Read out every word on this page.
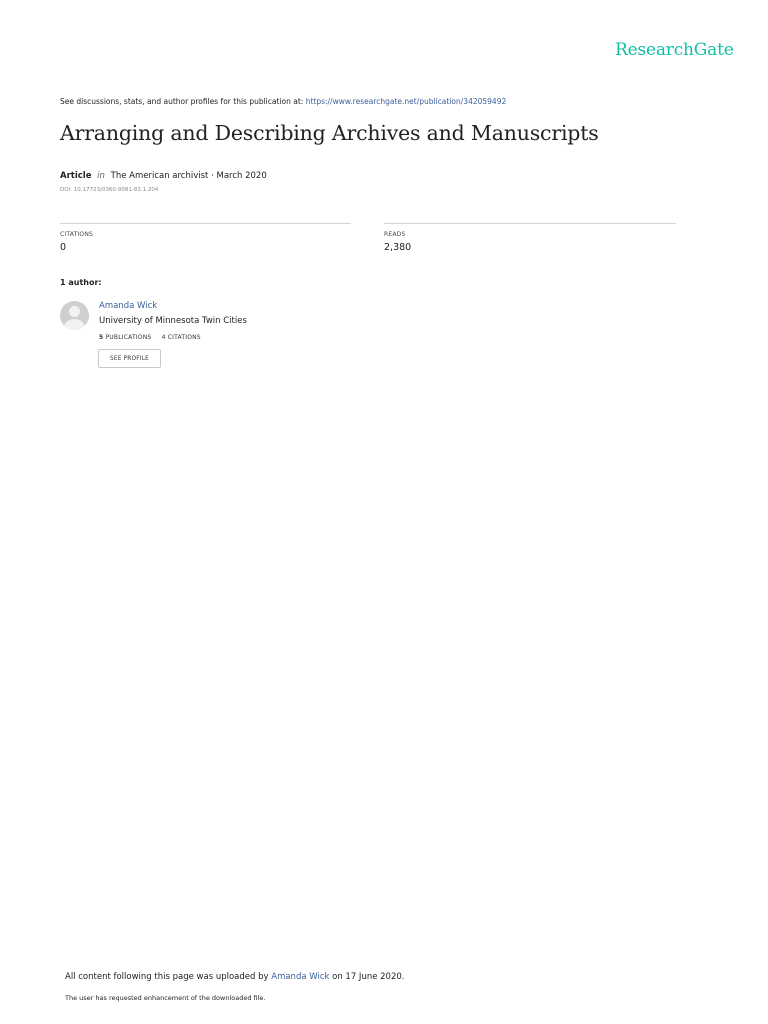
ResearchGate
See discussions, stats, and author profiles for this publication at: https://www.researchgate.net/publication/342059492
Arranging and Describing Archives and Manuscripts
Article in The American archivist · March 2020
DOI: 10.17723/0360-9081-83.1.204
CITATIONS
0
READS
2,380
1 author:
Amanda Wick
University of Minnesota Twin Cities
5 PUBLICATIONS 4 CITATIONS
SEE PROFILE
All content following this page was uploaded by Amanda Wick on 17 June 2020.
The user has requested enhancement of the downloaded file.
